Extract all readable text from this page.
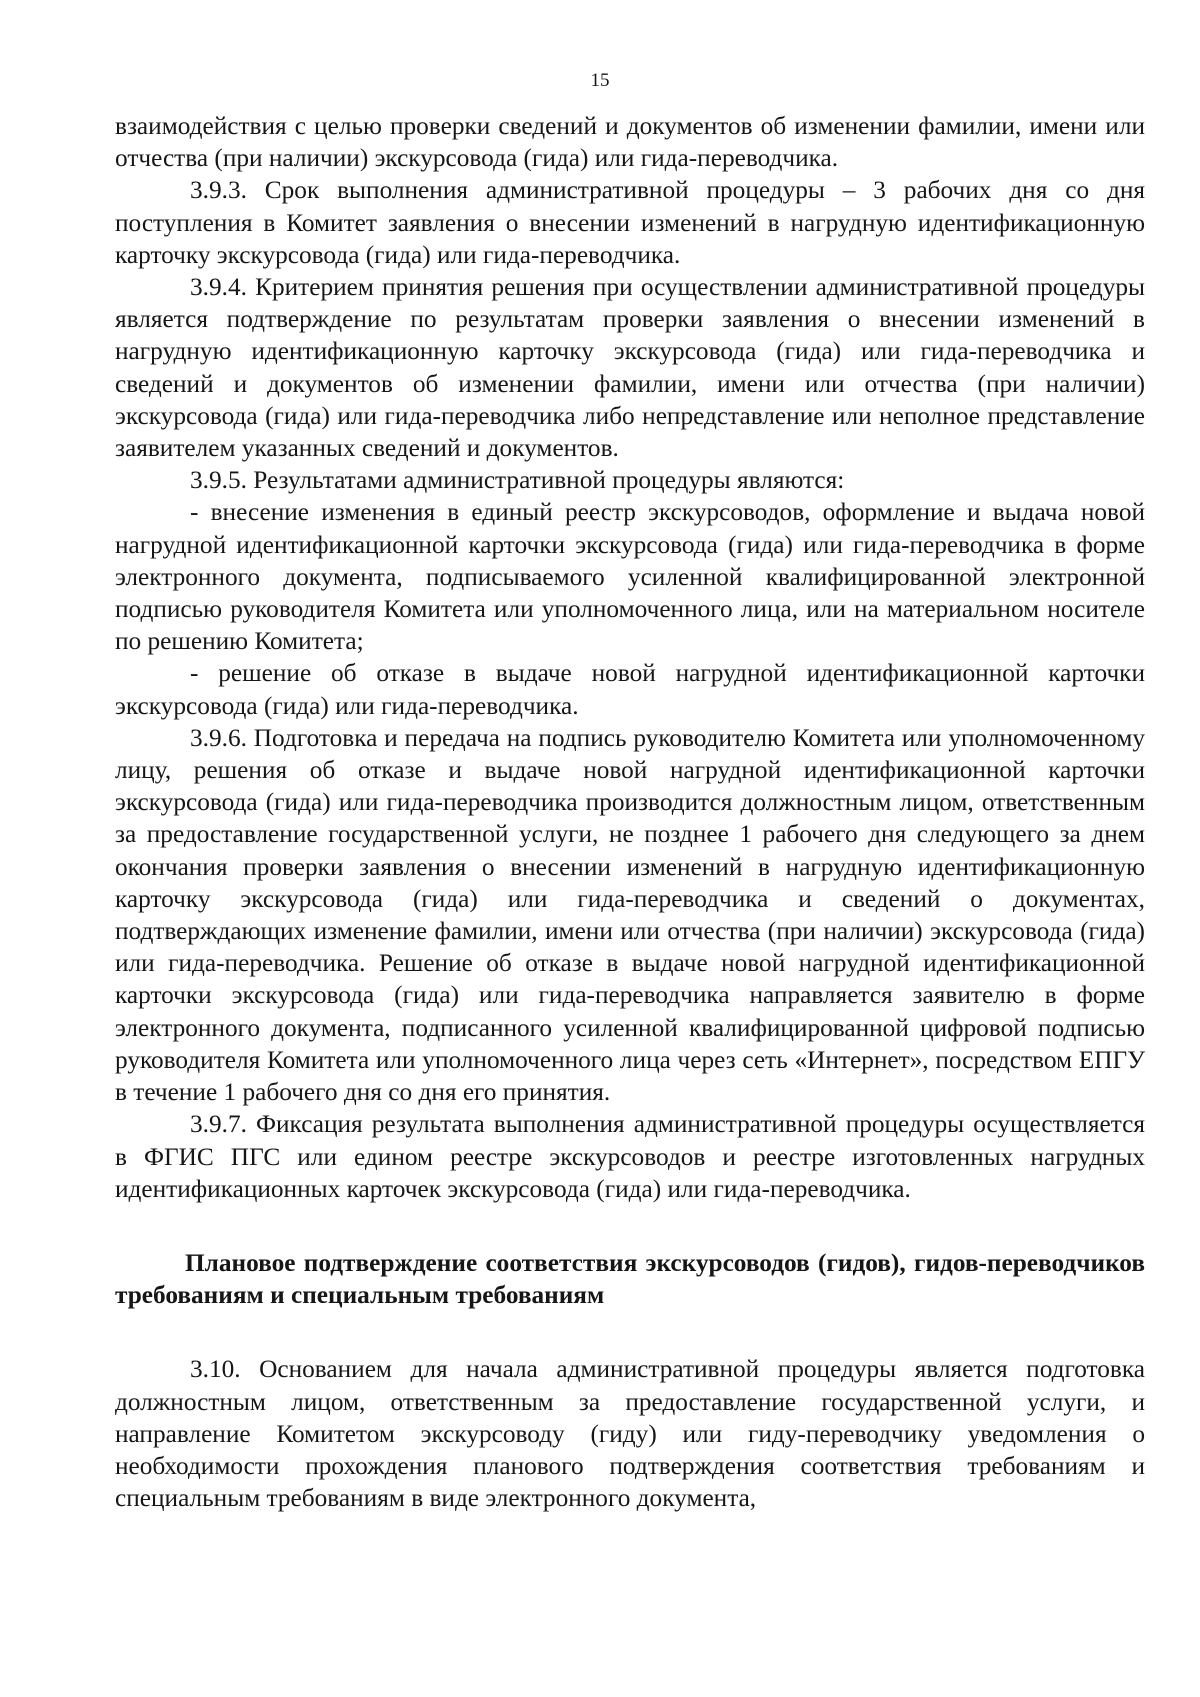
15

взаимодействия с целью проверки сведений и документов об изменении фамилии, имени или отчества (при наличии) экскурсовода (гида) или гида-переводчика.

3.9.3. Срок выполнения административной процедуры – 3 рабочих дня со дня поступления в Комитет заявления о внесении изменений в нагрудную идентификационную карточку экскурсовода (гида) или гида-переводчика.

3.9.4. Критерием принятия решения при осуществлении административной процедуры является подтверждение по результатам проверки заявления о внесении изменений в нагрудную идентификационную карточку экскурсовода (гида) или гида-переводчика и сведений и документов об изменении фамилии, имени или отчества (при наличии) экскурсовода (гида) или гида-переводчика либо непредставление или неполное представление заявителем указанных сведений и документов.

3.9.5. Результатами административной процедуры являются:

- внесение изменения в единый реестр экскурсоводов, оформление и выдача новой нагрудной идентификационной карточки экскурсовода (гида) или гида-переводчика в форме электронного документа, подписываемого усиленной квалифицированной электронной подписью руководителя Комитета или уполномоченного лица, или на материальном носителе по решению Комитета;

- решение об отказе в выдаче новой нагрудной идентификационной карточки экскурсовода (гида) или гида-переводчика.

3.9.6. Подготовка и передача на подпись руководителю Комитета или уполномоченному лицу, решения об отказе и выдаче новой нагрудной идентификационной карточки экскурсовода (гида) или гида-переводчика производится должностным лицом, ответственным за предоставление государственной услуги, не позднее 1 рабочего дня следующего за днем окончания проверки заявления о внесении изменений в нагрудную идентификационную карточку экскурсовода (гида) или гида-переводчика и сведений о документах, подтверждающих изменение фамилии, имени или отчества (при наличии) экскурсовода (гида) или гида-переводчика. Решение об отказе в выдаче новой нагрудной идентификационной карточки экскурсовода (гида) или гида-переводчика направляется заявителю в форме электронного документа, подписанного усиленной квалифицированной цифровой подписью руководителя Комитета или уполномоченного лица через сеть «Интернет», посредством ЕПГУ в течение 1 рабочего дня со дня его принятия.

3.9.7. Фиксация результата выполнения административной процедуры осуществляется в ФГИС ПГС или едином реестре экскурсоводов и реестре изготовленных нагрудных идентификационных карточек экскурсовода (гида) или гида-переводчика.

Плановое подтверждение соответствия экскурсоводов (гидов), гидов-переводчиков требованиям и специальным требованиям

3.10. Основанием для начала административной процедуры является подготовка должностным лицом, ответственным за предоставление государственной услуги, и направление Комитетом экскурсоводу (гиду) или гиду-переводчику уведомления о необходимости прохождения планового подтверждения соответствия требованиям и специальным требованиям в виде электронного документа,
